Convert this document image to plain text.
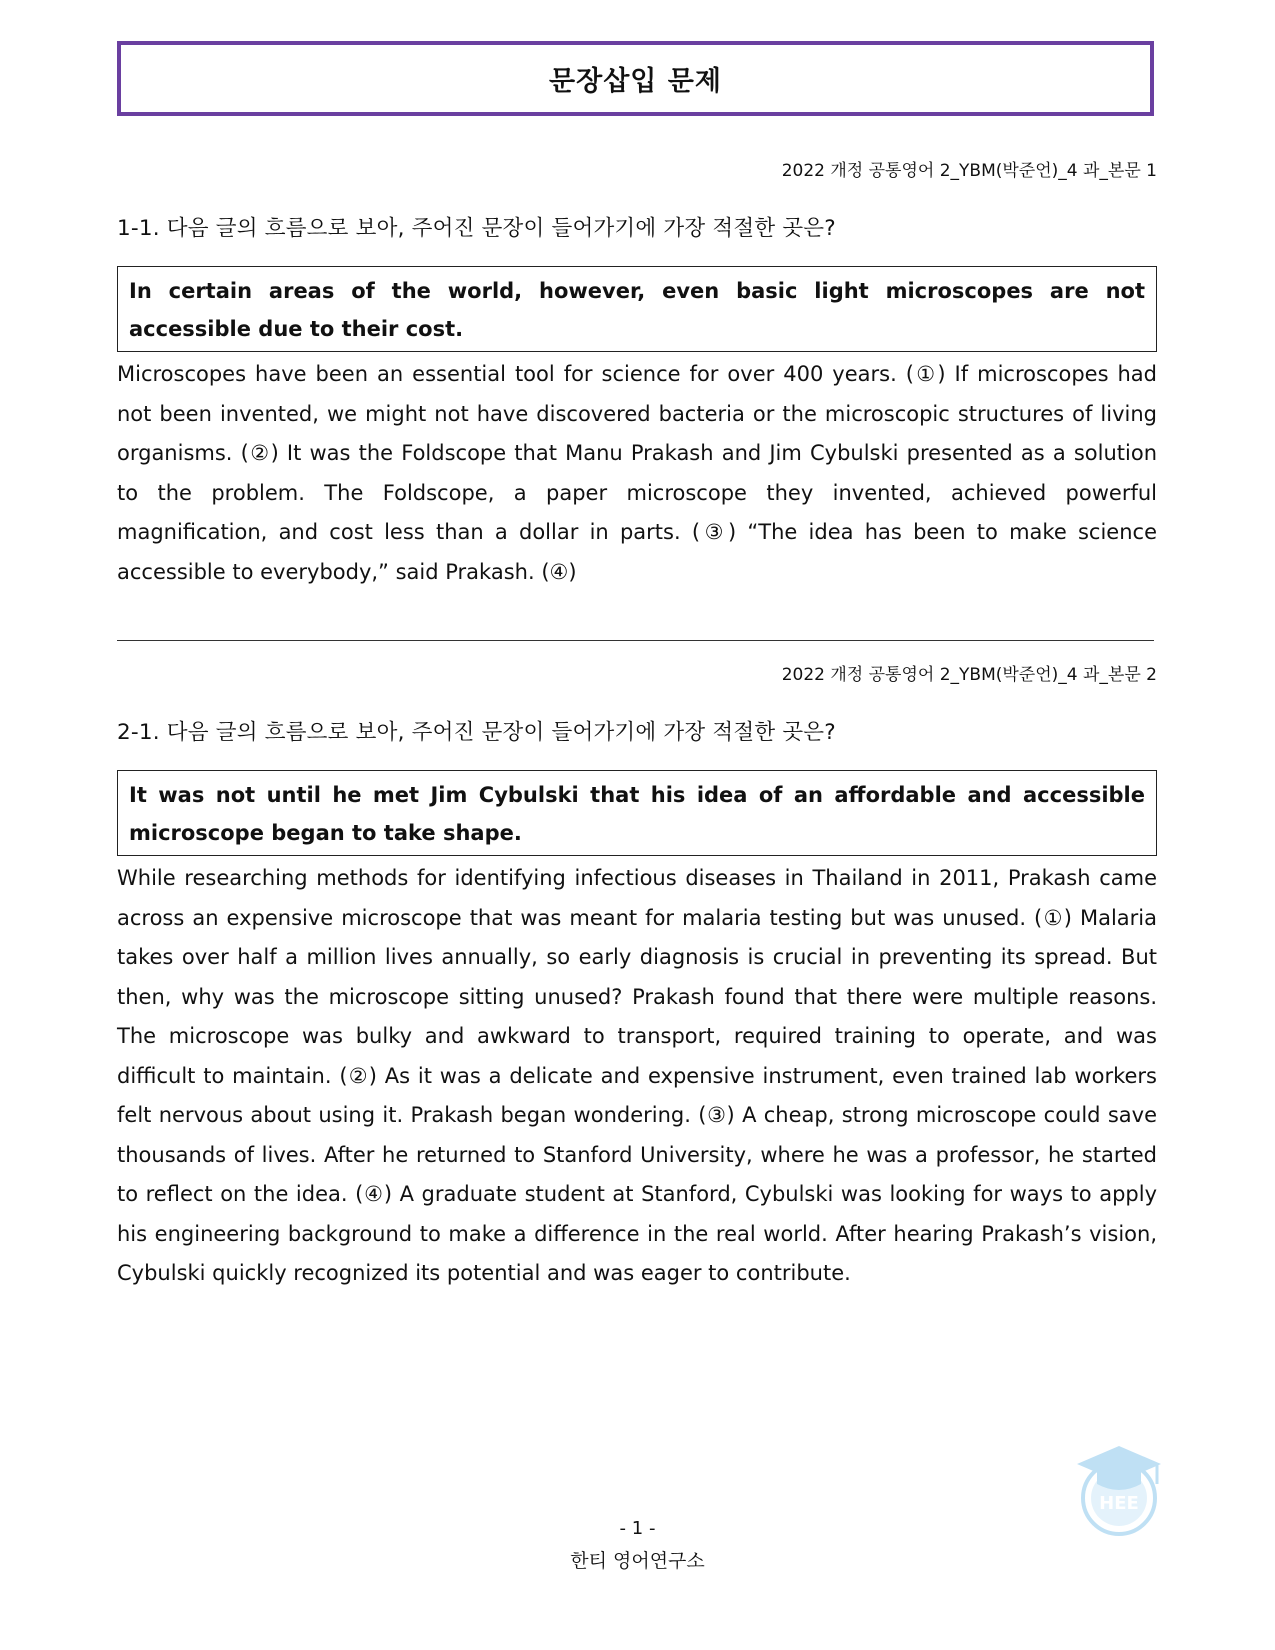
문장삽입 문제
2022 개정 공통영어 2_YBM(박준언)_4 과_본문 1
1-1. 다음 글의 흐름으로 보아, 주어진 문장이 들어가기에 가장 적절한 곳은?
In certain areas of the world, however, even basic light microscopes are not accessible due to their cost.
Microscopes have been an essential tool for science for over 400 years. (①) If microscopes had not been invented, we might not have discovered bacteria or the microscopic structures of living organisms. (②) It was the Foldscope that Manu Prakash and Jim Cybulski presented as a solution to the problem. The Foldscope, a paper microscope they invented, achieved powerful magnification, and cost less than a dollar in parts. (③) “The idea has been to make science accessible to everybody,” said Prakash. (④)
2022 개정 공통영어 2_YBM(박준언)_4 과_본문 2
2-1. 다음 글의 흐름으로 보아, 주어진 문장이 들어가기에 가장 적절한 곳은?
It was not until he met Jim Cybulski that his idea of an affordable and accessible microscope began to take shape.
While researching methods for identifying infectious diseases in Thailand in 2011, Prakash came across an expensive microscope that was meant for malaria testing but was unused. (①) Malaria takes over half a million lives annually, so early diagnosis is crucial in preventing its spread. But then, why was the microscope sitting unused? Prakash found that there were multiple reasons. The microscope was bulky and awkward to transport, required training to operate, and was difficult to maintain. (②) As it was a delicate and expensive instrument, even trained lab workers felt nervous about using it. Prakash began wondering. (③) A cheap, strong microscope could save thousands of lives. After he returned to Stanford University, where he was a professor, he started to reflect on the idea. (④) A graduate student at Stanford, Cybulski was looking for ways to apply his engineering background to make a difference in the real world. After hearing Prakash’s vision, Cybulski quickly recognized its potential and was eager to contribute.
- 1 -
한티 영어연구소
HEE
